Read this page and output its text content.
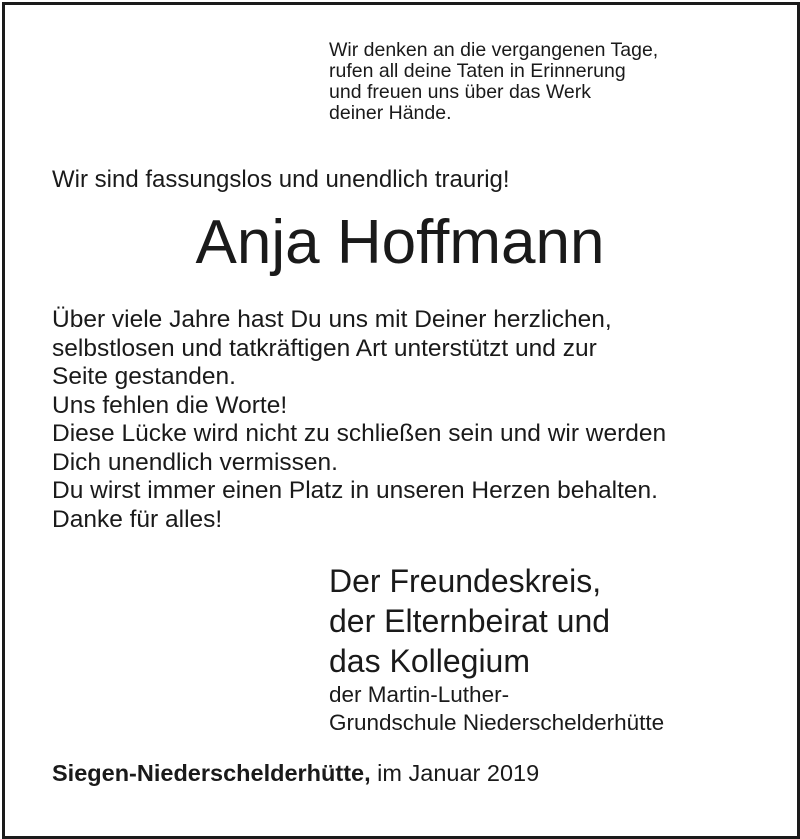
Wir denken an die vergangenen Tage,
rufen all deine Taten in Erinnerung
und freuen uns über das Werk
deiner Hände.
Wir sind fassungslos und unendlich traurig!
Anja Hoffmann
Über viele Jahre hast Du uns mit Deiner herzlichen,
selbstlosen und tatkräftigen Art unterstützt und zur
Seite gestanden.
Uns fehlen die Worte!
Diese Lücke wird nicht zu schließen sein und wir werden
Dich unendlich vermissen.
Du wirst immer einen Platz in unseren Herzen behalten.
Danke für alles!
Der Freundeskreis,
der Elternbeirat und
das Kollegium
der Martin-Luther-
Grundschule Niederschelderhütte
Siegen-Niederschelderhütte, im Januar 2019
